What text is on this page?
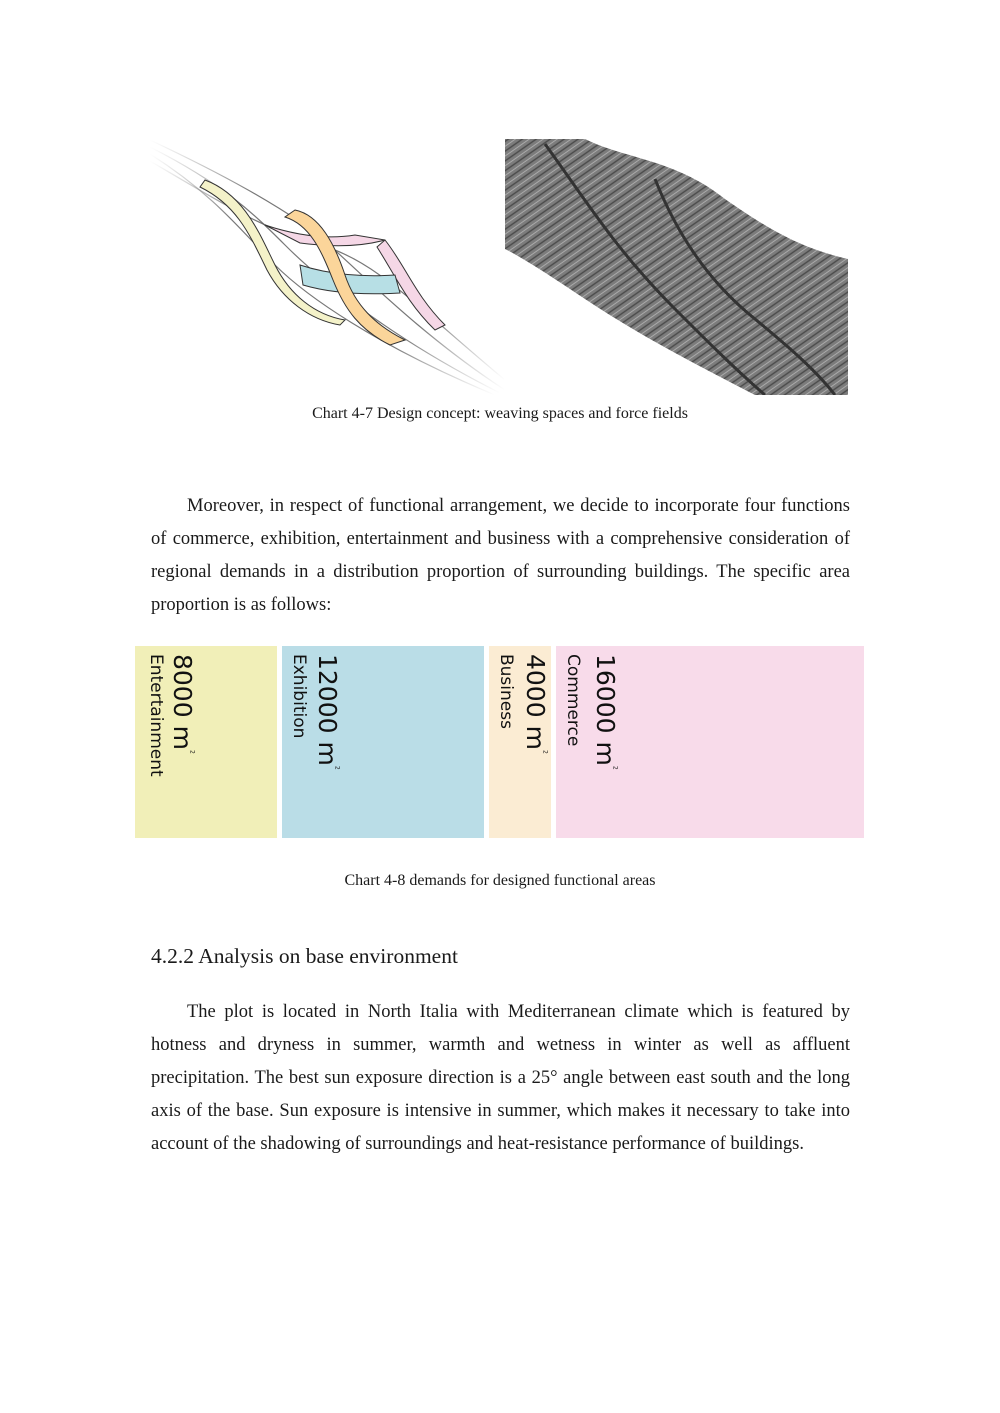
Chart 4-7 Design concept: weaving spaces and force fields

Moreover, in respect of functional arrangement, we decide to incorporate four functions of commerce, exhibition, entertainment and business with a comprehensive consideration of regional demands in a distribution proportion of surrounding buildings. The specific area proportion is as follows:

8000 $m^2$
Entertainment	12000 $m^2$
Exhibition	4000 $m^2$
Business	16000 $m^2$
Commerce
Chart 4-8 demands for designed functional areas
4.2.2 Analysis on base environment

The plot is located in North Italia with Mediterranean climate which is featured by hotness and dryness in summer, warmth and wetness in winter as well as affluent precipitation. The best sun exposure direction is a 25° angle between east south and the long axis of the base. Sun exposure is intensive in summer, which makes it necessary to take into account of the shadowing of surroundings and heat-resistance performance of buildings.
